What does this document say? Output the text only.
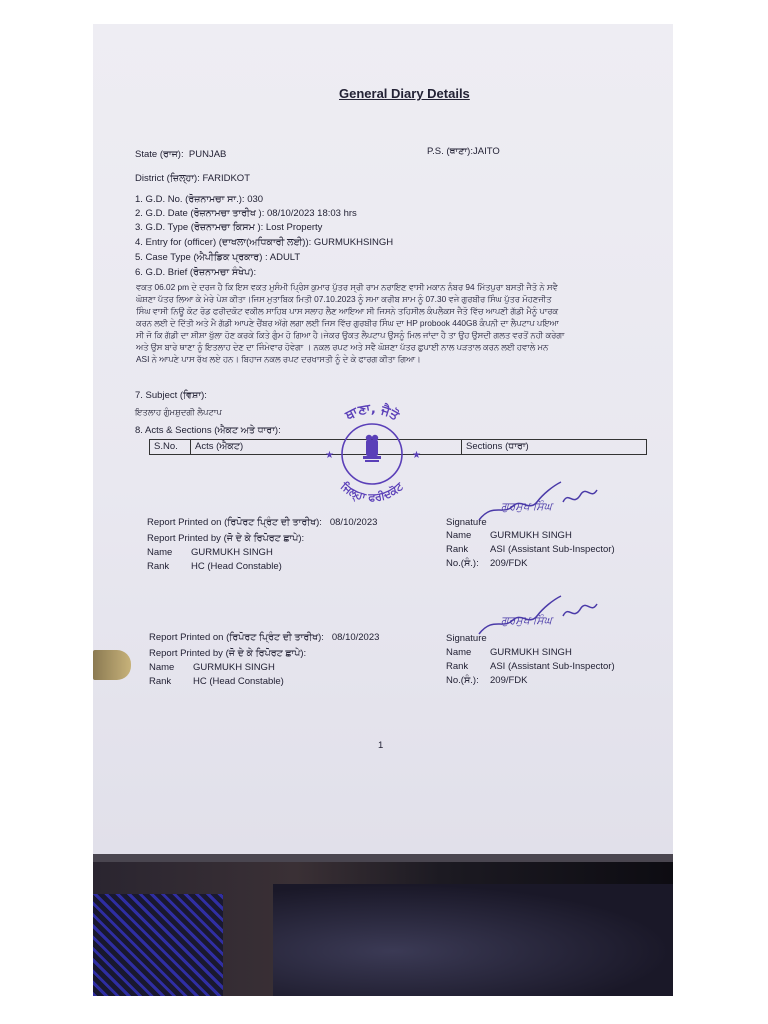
General Diary Details
State (ਰਾਜ): PUNJAB	P.S. (ਥਾਣਾ):JAITO
District (ਜ਼ਿਲ੍ਹਾ): FARIDKOT
1. G.D. No. (ਰੋਜ਼ਨਾਮਚਾ ਸਾ.): 030
2. G.D. Date (ਰੋਜ਼ਨਾਮਚਾ ਤਾਰੀਖ ): 08/10/2023 18:03 hrs
3. G.D. Type (ਰੋਜ਼ਨਾਮਚਾ ਕਿਸਮ ): Lost Property
4. Entry for (officer) (ਦਾਖਲਾ(ਅਧਿਕਾਰੀ ਲਈ)): GURMUKHSINGH
5. Case Type (ਐਪੀਡਿਕ ਪ੍ਰਕਾਰ) : ADULT
6. G.D. Brief (ਰੋਜ਼ਨਾਮਚਾ ਸੰਖੇਪ):
ਵਕਤ 06.02 pm ਦੇ ਦਰਜ ਹੈ ਕਿ ਇਸ ਵਕਤ ਮੁਸੰਮੀ ਪ੍ਰਿੰਸ ਕੁਮਾਰ ਪੁੱਤਰ ਸ੍ਰੀ ਰਾਮ ਨਰਾਇਣ ਵਾਸੀ ਮਕਾਨ ਨੰਬਰ 94 ਮਿੱਤਪੁਰਾ ਬਸਤੀ ਜੈਤੋ ਨੇ ਸਵੈ
ਘੋਸ਼ਣਾ ਪੱਤਰ ਲਿਆ ਕੇ ਮੇਰੇ ਪੇਸ਼ ਕੀਤਾ।ਜਿਸ ਮੁਤਾਬਿਕ ਮਿਤੀ 07.10.2023 ਨੂੰ ਸਮਾ ਕਰੀਬ ਸ਼ਾਮ ਨੂੰ 07.30 ਵਜੇ ਗੁਰਬੀਰ ਸਿੰਘ ਪੁੱਤਰ ਮੋਹਣਜੀਤ
ਸਿੰਘ ਵਾਸੀ ਨਿਊ ਕੋਟ ਰੋਡ ਫਰੀਦਕੋਟ ਵਕੀਲ ਸਾਹਿਬ ਪਾਸ ਸਲਾਹ ਲੈਣ ਆਇਆ ਸੀ ਜਿਸਨੇ ਤਹਿਸੀਲ ਕੰਪਲੈਕਸ ਜੈਤੋ ਵਿੱਚ ਆਪਣੀ ਗੱਡੀ ਮੈਨੂੰ ਪਾਰਕ
ਕਰਨ ਲਈ ਦੇ ਦਿੱਤੀ ਅਤੇ ਮੈ ਗੱਡੀ ਆਪਣੇ ਚੈਂਬਰ ਅੱਗੇ ਲਗਾ ਲਈ ਜਿਸ ਵਿੱਚ ਗੁਰਬੀਰ ਸਿੰਘ ਦਾ HP probook 440G8 ਕੰਪਨੀ ਦਾ ਲੈਪਟਾਪ ਪਇਆ
ਸੀ ਜੋ ਕਿ ਗੱਡੀ ਦਾ ਸ਼ੀਸ਼ਾ ਖੁੱਲਾ ਹੋਣ ਕਰਕੇ ਕਿਤੇ ਗੁੰਮ ਹੋ ਗਿਆ ਹੈ।ਜੇਕਰ ਉਕਤ ਲੈਪਟਾਪ ਉਸਨੂੰ ਮਿਲ ਜਾਂਦਾ ਹੈ ਤਾ ਉਹ ਉਸਦੀ ਗਲਤ ਵਰਤੋਂ ਨਹੀ ਕਰੇਗਾ
ਅਤੇ ਉਸ ਬਾਰੇ ਥਾਣਾ ਨੂੰ ਇਤਲਾਹ ਦੇਣ ਦਾ ਜਿੰਮੇਵਾਰ ਹੋਵੇਗਾ । ਨਕਲ ਰਪਟ ਅਤੇ ਸਵੈ ਘੋਸ਼ਣਾ ਪੱਤਰ ਛੁਪਾਈ ਨਾਲ ਪੜਤਾਲ ਕਰਨ ਲਈ ਹਵਾਲੇ ਮਨ
ASI ਨੇ ਆਪਣੇ ਪਾਸ ਰੱਖ ਲਏ ਹਨ। ਬਿਹਾਜ ਨਕਲ ਰਪਟ ਦਰਖਾਸਤੀ ਨੂੰ ਦੇ ਕੇ ਫਾਰਗ ਕੀਤਾ ਗਿਆ।
7. Subject (ਵਿਸ਼ਾ):
ਇਤਲਾਹ ਗੁੰਮਸ਼ੁਦਗੀ ਲੈਪਟਾਪ
8. Acts & Sections (ਐਕਟ ਅਤੇ ਧਾਰਾ):
S.No.	Acts (ਐਕਟ)	Sections (ਧਾਰਾ)
ਥਾਣਾ, ਜੈਤੋ
ਜਿਲ੍ਹਾ ਫਰੀਦਕੋਟ
★	★
Report Printed on (ਰਿਪੋਰਟ ਪ੍ਰਿੰਟ ਦੀ ਤਾਰੀਖ): 08/10/2023
Report Printed by (ਜੋ ਦੇ ਕੇ ਰਿਪੋਰਟ ਛਾਪੇ):
Name GURMUKH SINGH
Rank HC (Head Constable)
ਗੁਰਮੁਖ ਸਿੰਘ
Signature
Name GURMUKH SINGH
Rank ASI (Assistant Sub-Inspector)
No.(ਸੰ.): 209/FDK
Report Printed on (ਰਿਪੋਰਟ ਪ੍ਰਿੰਟ ਦੀ ਤਾਰੀਖ): 08/10/2023
Report Printed by (ਜੋ ਦੇ ਕੇ ਰਿਪੋਰਟ ਛਾਪੇ):
Name GURMUKH SINGH
Rank HC (Head Constable)
ਗੁਰਮੁਖ ਸਿੰਘ
Signature
Name GURMUKH SINGH
Rank ASI (Assistant Sub-Inspector)
No.(ਸੰ.): 209/FDK
1
